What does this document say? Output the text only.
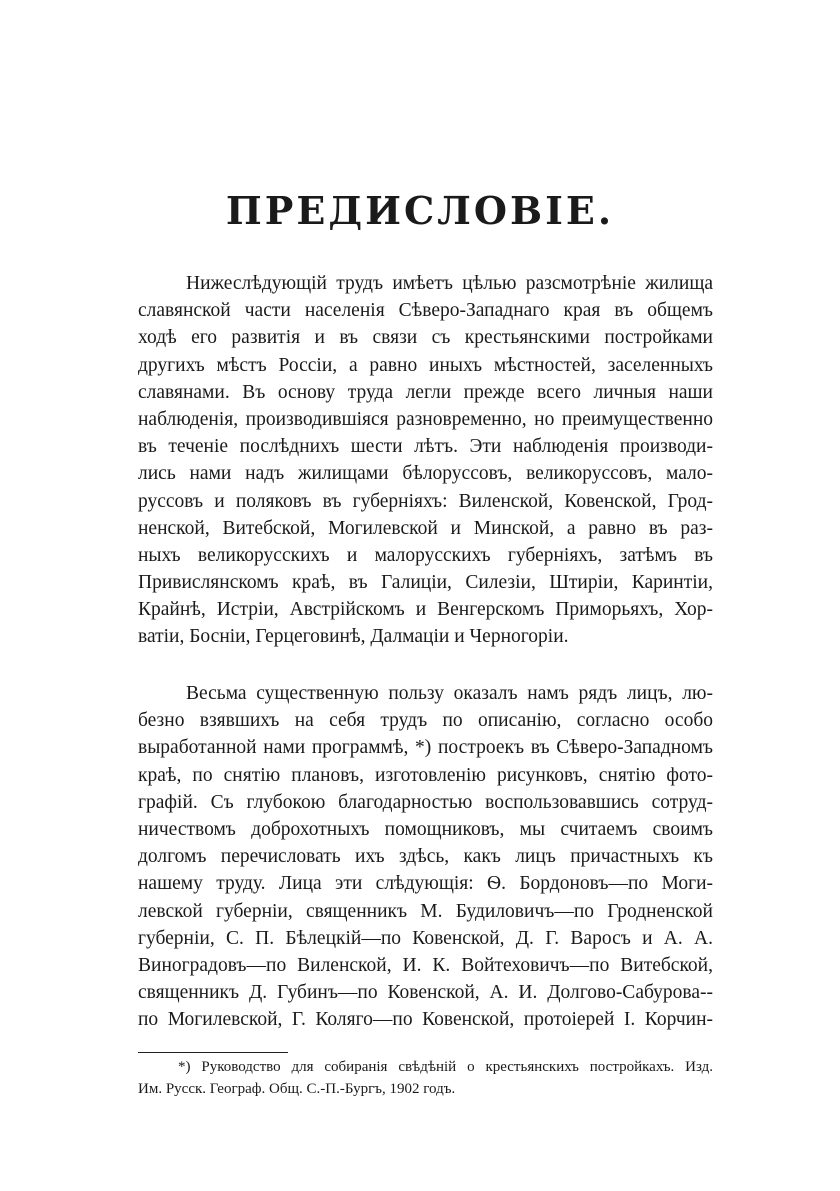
ПРЕДИСЛОВІЕ.
Нижеслѣдующій трудъ имѣетъ цѣлью разсмотрѣніе жилища
славянской части населенія Сѣверо-Западнаго края въ общемъ
ходѣ его развитія и въ связи съ крестьянскими постройками
другихъ мѣстъ Россіи, а равно иныхъ мѣстностей, заселенныхъ
славянами. Въ основу труда легли прежде всего личныя наши
наблюденія, производившіяся разновременно, но преимущественно
въ теченіе послѣднихъ шести лѣтъ. Эти наблюденія производи-
лись нами надъ жилищами бѣлоруссовъ, великоруссовъ, мало-
руссовъ и поляковъ въ губерніяхъ: Виленской, Ковенской, Грод-
ненской, Витебской, Могилевской и Минской, а равно въ раз-
ныхъ великорусскихъ и малорусскихъ губерніяхъ, затѣмъ въ
Привислянскомъ краѣ, въ Галиціи, Силезіи, Штиріи, Каринтіи,
Крайнѣ, Истріи, Австрійскомъ и Венгерскомъ Приморьяхъ, Хор-
ватіи, Босніи, Герцеговинѣ, Далмаціи и Черногоріи.
Весьма существенную пользу оказалъ намъ рядъ лицъ, лю-
безно взявшихъ на себя трудъ по описанію, согласно особо
выработанной нами программѣ, *) построекъ въ Сѣверо-Западномъ
краѣ, по снятію плановъ, изготовленію рисунковъ, снятію фото-
графій. Съ глубокою благодарностью воспользовавшись сотруд-
ничествомъ доброхотныхъ помощниковъ, мы считаемъ своимъ
долгомъ перечисловать ихъ здѣсь, какъ лицъ причастныхъ къ
нашему труду. Лица эти слѣдующія: Ѳ. Бордоновъ—по Моги-
левской губерніи, священникъ М. Будиловичъ—по Гродненской
губерніи, С. П. Бѣлецкій—по Ковенской, Д. Г. Варосъ и А. А.
Виноградовъ—по Виленской, И. К. Войтеховичъ—по Витебской,
священникъ Д. Губинъ—по Ковенской, А. И. Долгово-Сабурова--
по Могилевской, Г. Коляго—по Ковенской, протоіерей І. Корчин-
*) Руководство для собиранія свѣдѣній о крестьянскихъ постройкахъ. Изд.
Им. Русск. Географ. Общ. С.-П.-Бургъ, 1902 годъ.
